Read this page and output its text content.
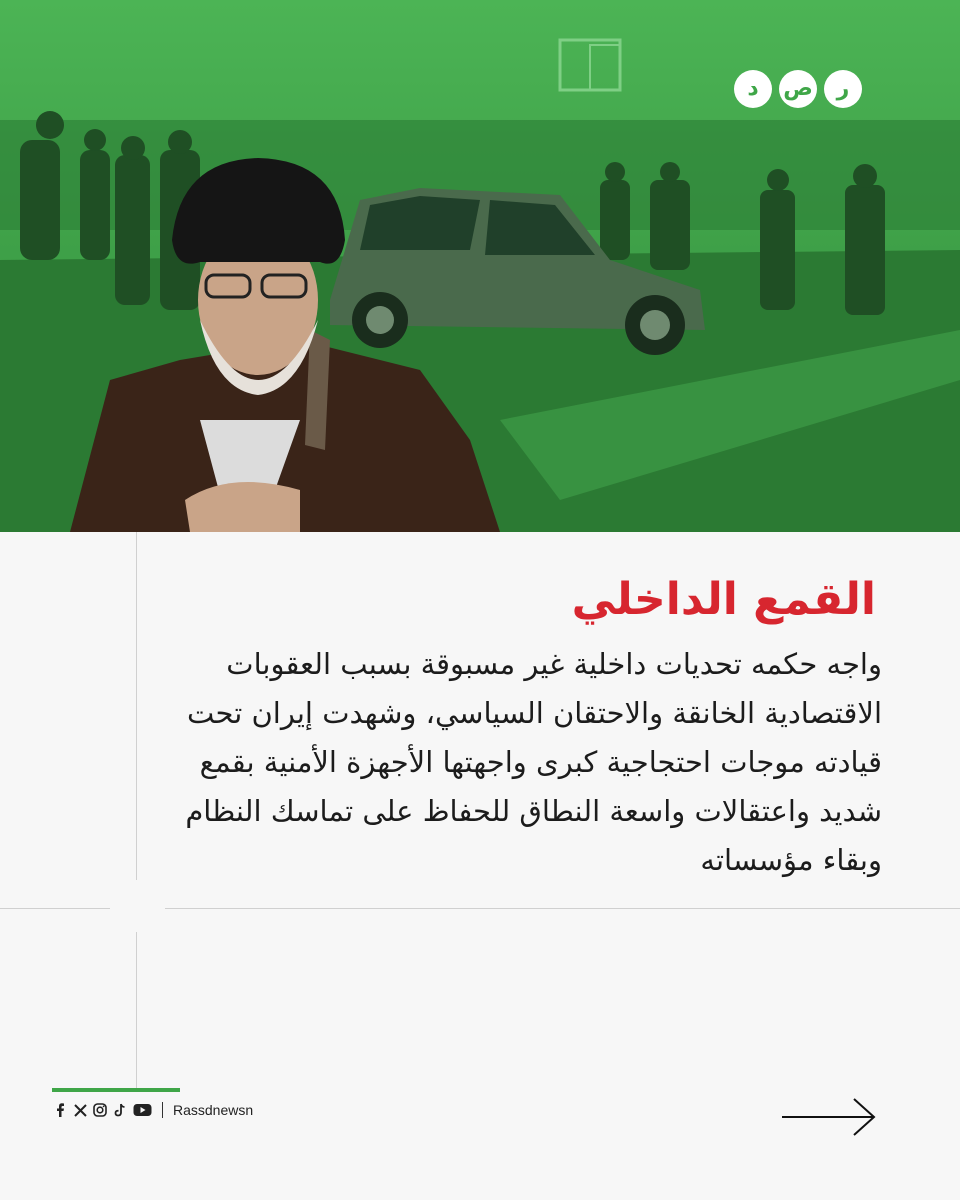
د ص ر
القمع الداخلي
واجه حكمه تحديات داخلية غير مسبوقة بسبب العقوبات
الاقتصادية الخانقة والاحتقان السياسي، وشهدت إيران تحت
قيادته موجات احتجاجية كبرى واجهتها الأجهزة الأمنية بقمع
شديد واعتقالات واسعة النطاق للحفاظ على تماسك النظام
وبقاء مؤسساته
Rassdnewsn
